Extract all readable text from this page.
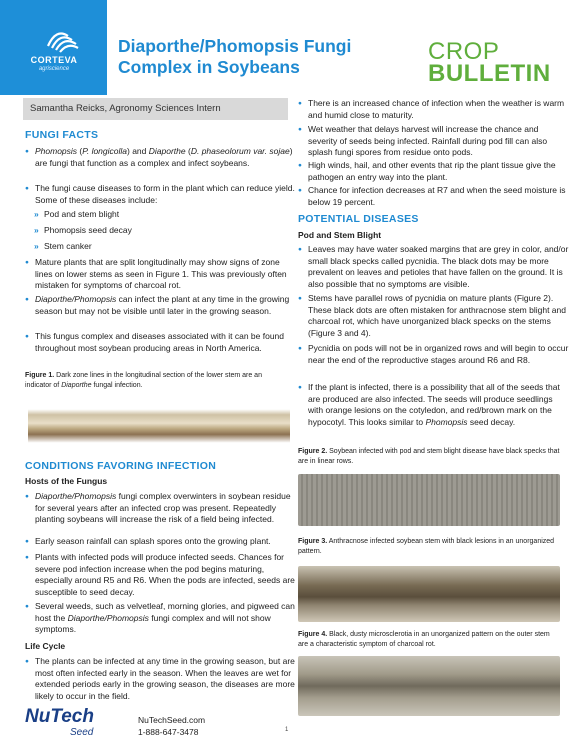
CORTEVA
agriscience
Diaporthe/Phomopsis Fungi Complex in Soybeans
CROP
BULLETIN
Samantha Reicks, Agronomy Sciences Intern
FUNGI FACTS
● Phomopsis (P. longicolla) and Diaporthe (D. phaseolorum var. sojae) are fungi that function as a complex and infect soybeans.
● The fungi cause diseases to form in the plant which can reduce yield. Some of these diseases include:
» Pod and stem blight
» Phomopsis seed decay
» Stem canker
● Mature plants that are split longitudinally may show signs of zone lines on lower stems as seen in Figure 1. This was previously often mistaken for symptoms of charcoal rot.
● Diaporthe/Phomopsis can infect the plant at any time in the growing season but may not be visible until later in the growing season.
● This fungus complex and diseases associated with it can be found throughout most soybean producing areas in North America.
Figure 1. Dark zone lines in the longitudinal section of the lower stem are an indicator of Diaporthe fungal infection.
CONDITIONS FAVORING INFECTION
Hosts of the Fungus
● Diaporthe/Phomopsis fungi complex overwinters in soybean residue for several years after an infected crop was present. Repeatedly planting soybeans will increase the risk of a field being infected.
● Early season rainfall can splash spores onto the growing plant.
● Plants with infected pods will produce infected seeds. Chances for severe pod infection increase when the pod begins maturing, especially around R5 and R6. When the pods are infected, seeds are susceptible to seed decay.
● Several weeds, such as velvetleaf, morning glories, and pigweed can host the Diaporthe/Phomopsis fungi complex and will not show symptoms.
Life Cycle
● The plants can be infected at any time in the growing season, but are most often infected early in the season. When the leaves are wet for extended periods early in the growing season, the diseases are more likely to occur in the field.
● There is an increased chance of infection when the weather is warm and humid close to maturity.
● Wet weather that delays harvest will increase the chance and severity of seeds being infected. Rainfall during pod fill can also splash fungi spores from residue onto pods.
● High winds, hail, and other events that rip the plant tissue give the pathogen an entry way into the plant.
● Chance for infection decreases at R7 and when the seed moisture is below 19 percent.
POTENTIAL DISEASES
Pod and Stem Blight
● Leaves may have water soaked margins that are grey in color, and/or small black specks called pycnidia. The black dots may be more prevalent on leaves and petioles that have fallen on the ground. It is also possible that no symptoms are visible.
● Stems have parallel rows of pycnidia on mature plants (Figure 2). These black dots are often mistaken for anthracnose stem blight and charcoal rot, which have unorganized black specks on the stems (Figure 3 and 4).
● Pycnidia on pods will not be in organized rows and will begin to occur near the end of the reproductive stages around R6 and R8.
● If the plant is infected, there is a possibility that all of the seeds that are produced are also infected. The seeds will produce seedlings with orange lesions on the cotyledon, and red/brown mark on the hypocotyl. This looks similar to Phomopsis seed decay.
Figure 2. Soybean infected with pod and stem blight disease have black specks that are in linear rows.
Figure 3. Anthracnose infected soybean stem with black lesions in an unorganized pattern.
Figure 4. Black, dusty microsclerotia in an unorganized pattern on the outer stem are a characteristic symptom of charcoal rot.
NuTech
Seed
NuTechSeed.com
1-888-647-3478	1
